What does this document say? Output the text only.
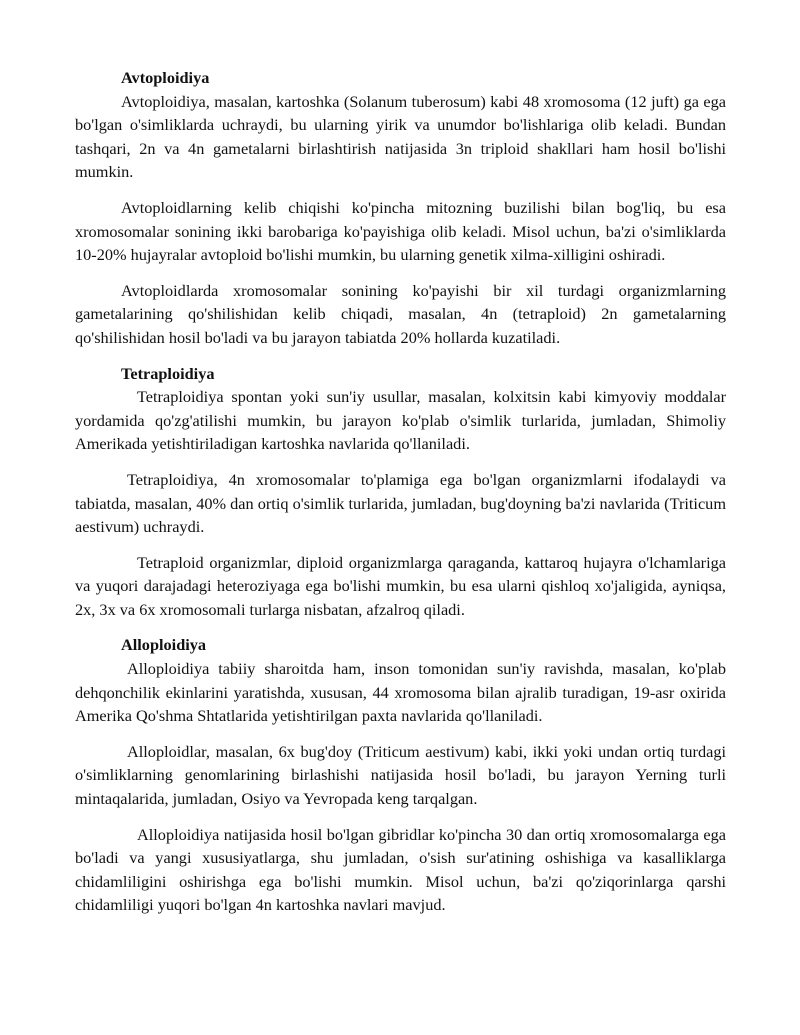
Avtoploidiya

Avtoploidiya, masalan, kartoshka (Solanum tuberosum) kabi 48 xromosoma (12 juft) ga ega bo'lgan o'simliklarda uchraydi, bu ularning yirik va unumdor bo'lishlariga olib keladi. Bundan tashqari, 2n va 4n gametalarni birlashtirish natijasida 3n triploid shakllari ham hosil bo'lishi mumkin.

Avtoploidlarning kelib chiqishi ko'pincha mitozning buzilishi bilan bog'liq, bu esa xromosomalar sonining ikki barobariga ko'payishiga olib keladi. Misol uchun, ba'zi o'simliklarda 10-20% hujayralar avtoploid bo'lishi mumkin, bu ularning genetik xilma-xilligini oshiradi.

Avtoploidlarda xromosomalar sonining ko'payishi bir xil turdagi organizmlarning gametalarining qo'shilishidan kelib chiqadi, masalan, 4n (tetraploid) 2n gametalarning qo'shilishidan hosil bo'ladi va bu jarayon tabiatda 20% hollarda kuzatiladi.

Tetraploidiya

Tetraploidiya spontan yoki sun'iy usullar, masalan, kolxitsin kabi kimyoviy moddalar yordamida qo'zg'atilishi mumkin, bu jarayon ko'plab o'simlik turlarida, jumladan, Shimoliy Amerikada yetishtiriladigan kartoshka navlarida qo'llaniladi.

Tetraploidiya, 4n xromosomalar to'plamiga ega bo'lgan organizmlarni ifodalaydi va tabiatda, masalan, 40% dan ortiq o'simlik turlarida, jumladan, bug'doyning ba'zi navlarida (Triticum aestivum) uchraydi.

Tetraploid organizmlar, diploid organizmlarga qaraganda, kattaroq hujayra o'lchamlariga va yuqori darajadagi heteroziyaga ega bo'lishi mumkin, bu esa ularni qishloq xo'jaligida, ayniqsa, 2x, 3x va 6x xromosomali turlarga nisbatan, afzalroq qiladi.

Alloploidiya

Alloploidiya tabiiy sharoitda ham, inson tomonidan sun'iy ravishda, masalan, ko'plab dehqonchilik ekinlarini yaratishda, xususan, 44 xromosoma bilan ajralib turadigan, 19-asr oxirida Amerika Qo'shma Shtatlarida yetishtirilgan paxta navlarida qo'llaniladi.

Alloploidlar, masalan, 6x bug'doy (Triticum aestivum) kabi, ikki yoki undan ortiq turdagi o'simliklarning genomlarining birlashishi natijasida hosil bo'ladi, bu jarayon Yerning turli mintaqalarida, jumladan, Osiyo va Yevropada keng tarqalgan.

Alloploidiya natijasida hosil bo'lgan gibridlar ko'pincha 30 dan ortiq xromosomalarga ega bo'ladi va yangi xususiyatlarga, shu jumladan, o'sish sur'atining oshishiga va kasalliklarga chidamliligini oshirishga ega bo'lishi mumkin. Misol uchun, ba'zi qo'ziqorinlarga qarshi chidamliligi yuqori bo'lgan 4n kartoshka navlari mavjud.
